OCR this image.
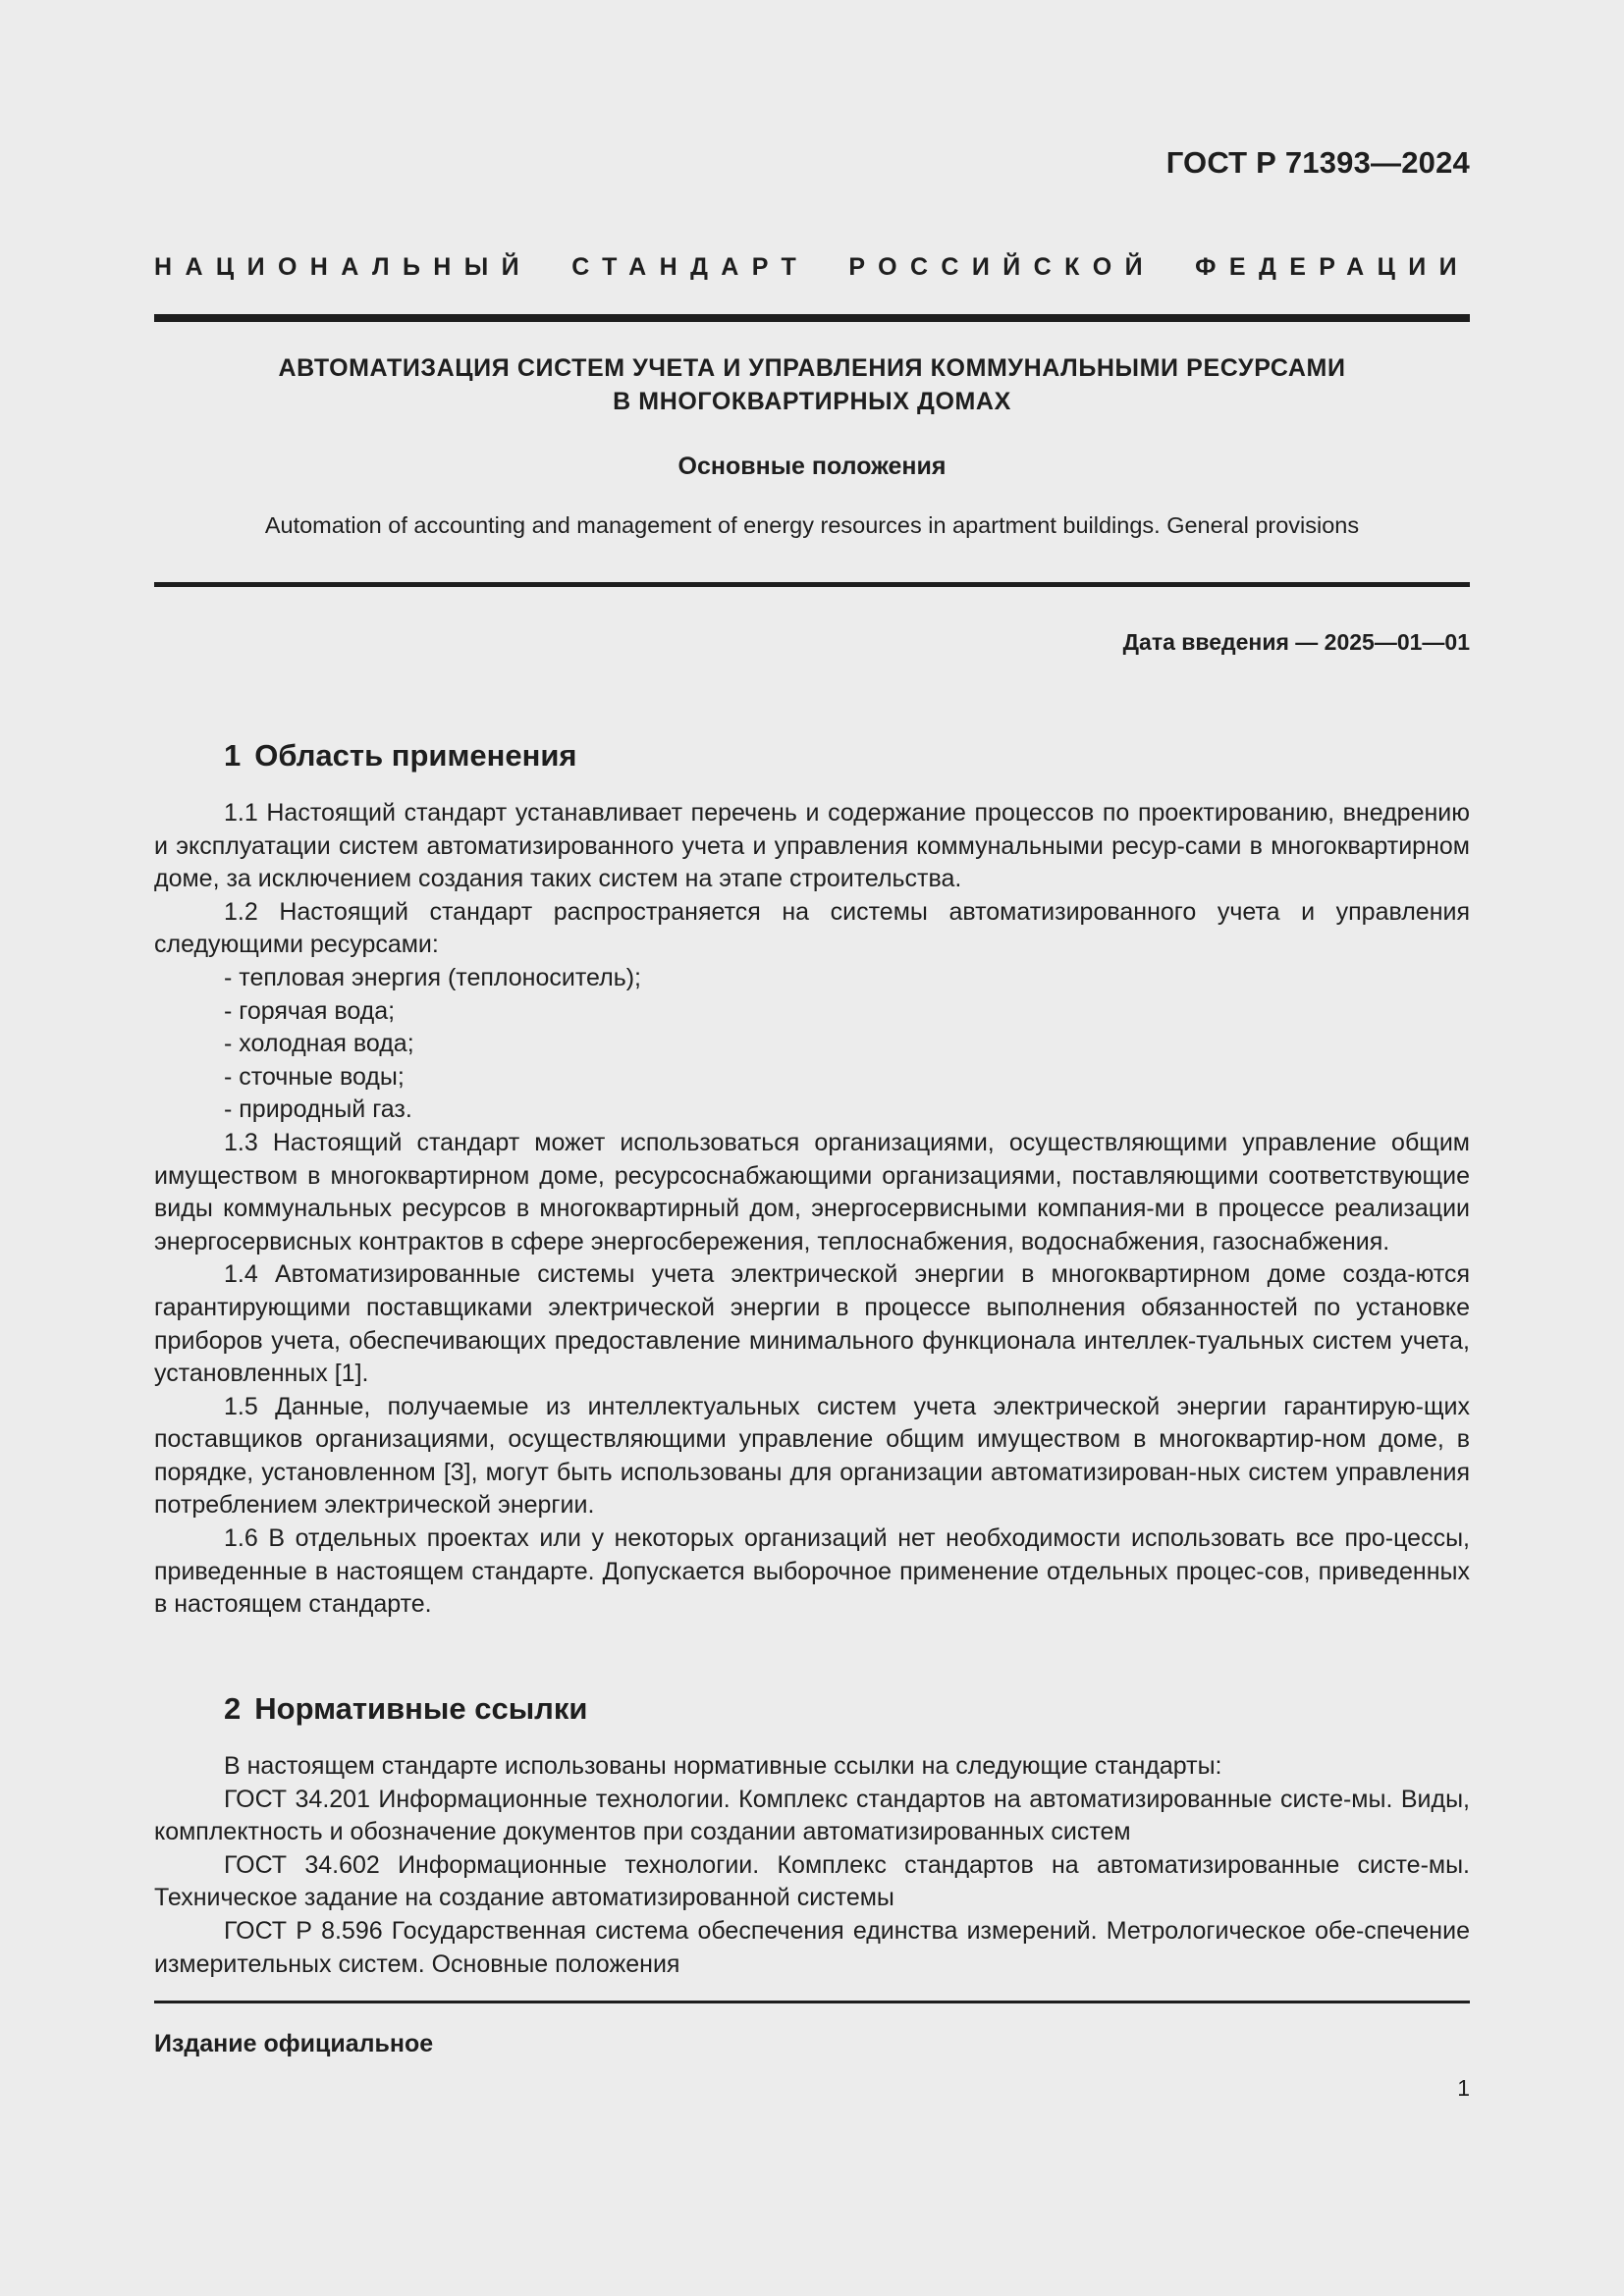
ГОСТ Р 71393—2024
НАЦИОНАЛЬНЫЙ СТАНДАРТ РОССИЙСКОЙ ФЕДЕРАЦИИ
АВТОМАТИЗАЦИЯ СИСТЕМ УЧЕТА И УПРАВЛЕНИЯ КОММУНАЛЬНЫМИ РЕСУРСАМИ
В МНОГОКВАРТИРНЫХ ДОМАХ
Основные положения
Automation of accounting and management of energy resources in apartment buildings. General provisions
Дата введения — 2025—01—01
1 Область применения

1.1 Настоящий стандарт устанавливает перечень и содержание процессов по проектированию, внедрению и эксплуатации систем автоматизированного учета и управления коммунальными ресур-сами в многоквартирном доме, за исключением создания таких систем на этапе строительства.

1.2 Настоящий стандарт распространяется на системы автоматизированного учета и управления следующими ресурсами:

- тепловая энергия (теплоноситель);
- горячая вода;
- холодная вода;
- сточные воды;
- природный газ.

1.3 Настоящий стандарт может использоваться организациями, осуществляющими управление общим имуществом в многоквартирном доме, ресурсоснабжающими организациями, поставляющими соответствующие виды коммунальных ресурсов в многоквартирный дом, энергосервисными компания-ми в процессе реализации энергосервисных контрактов в сфере энергосбережения, теплоснабжения, водоснабжения, газоснабжения.

1.4 Автоматизированные системы учета электрической энергии в многоквартирном доме созда-ются гарантирующими поставщиками электрической энергии в процессе выполнения обязанностей по установке приборов учета, обеспечивающих предоставление минимального функционала интеллек-туальных систем учета, установленных [1].

1.5 Данные, получаемые из интеллектуальных систем учета электрической энергии гарантирую-щих поставщиков организациями, осуществляющими управление общим имуществом в многоквартир-ном доме, в порядке, установленном [3], могут быть использованы для организации автоматизирован-ных систем управления потреблением электрической энергии.

1.6 В отдельных проектах или у некоторых организаций нет необходимости использовать все про-цессы, приведенные в настоящем стандарте. Допускается выборочное применение отдельных процес-сов, приведенных в настоящем стандарте.

2 Нормативные ссылки

В настоящем стандарте использованы нормативные ссылки на следующие стандарты:

ГОСТ 34.201 Информационные технологии. Комплекс стандартов на автоматизированные систе-мы. Виды, комплектность и обозначение документов при создании автоматизированных систем

ГОСТ 34.602 Информационные технологии. Комплекс стандартов на автоматизированные систе-мы. Техническое задание на создание автоматизированной системы

ГОСТ Р 8.596 Государственная система обеспечения единства измерений. Метрологическое обе-спечение измерительных систем. Основные положения

Издание официальное
1
